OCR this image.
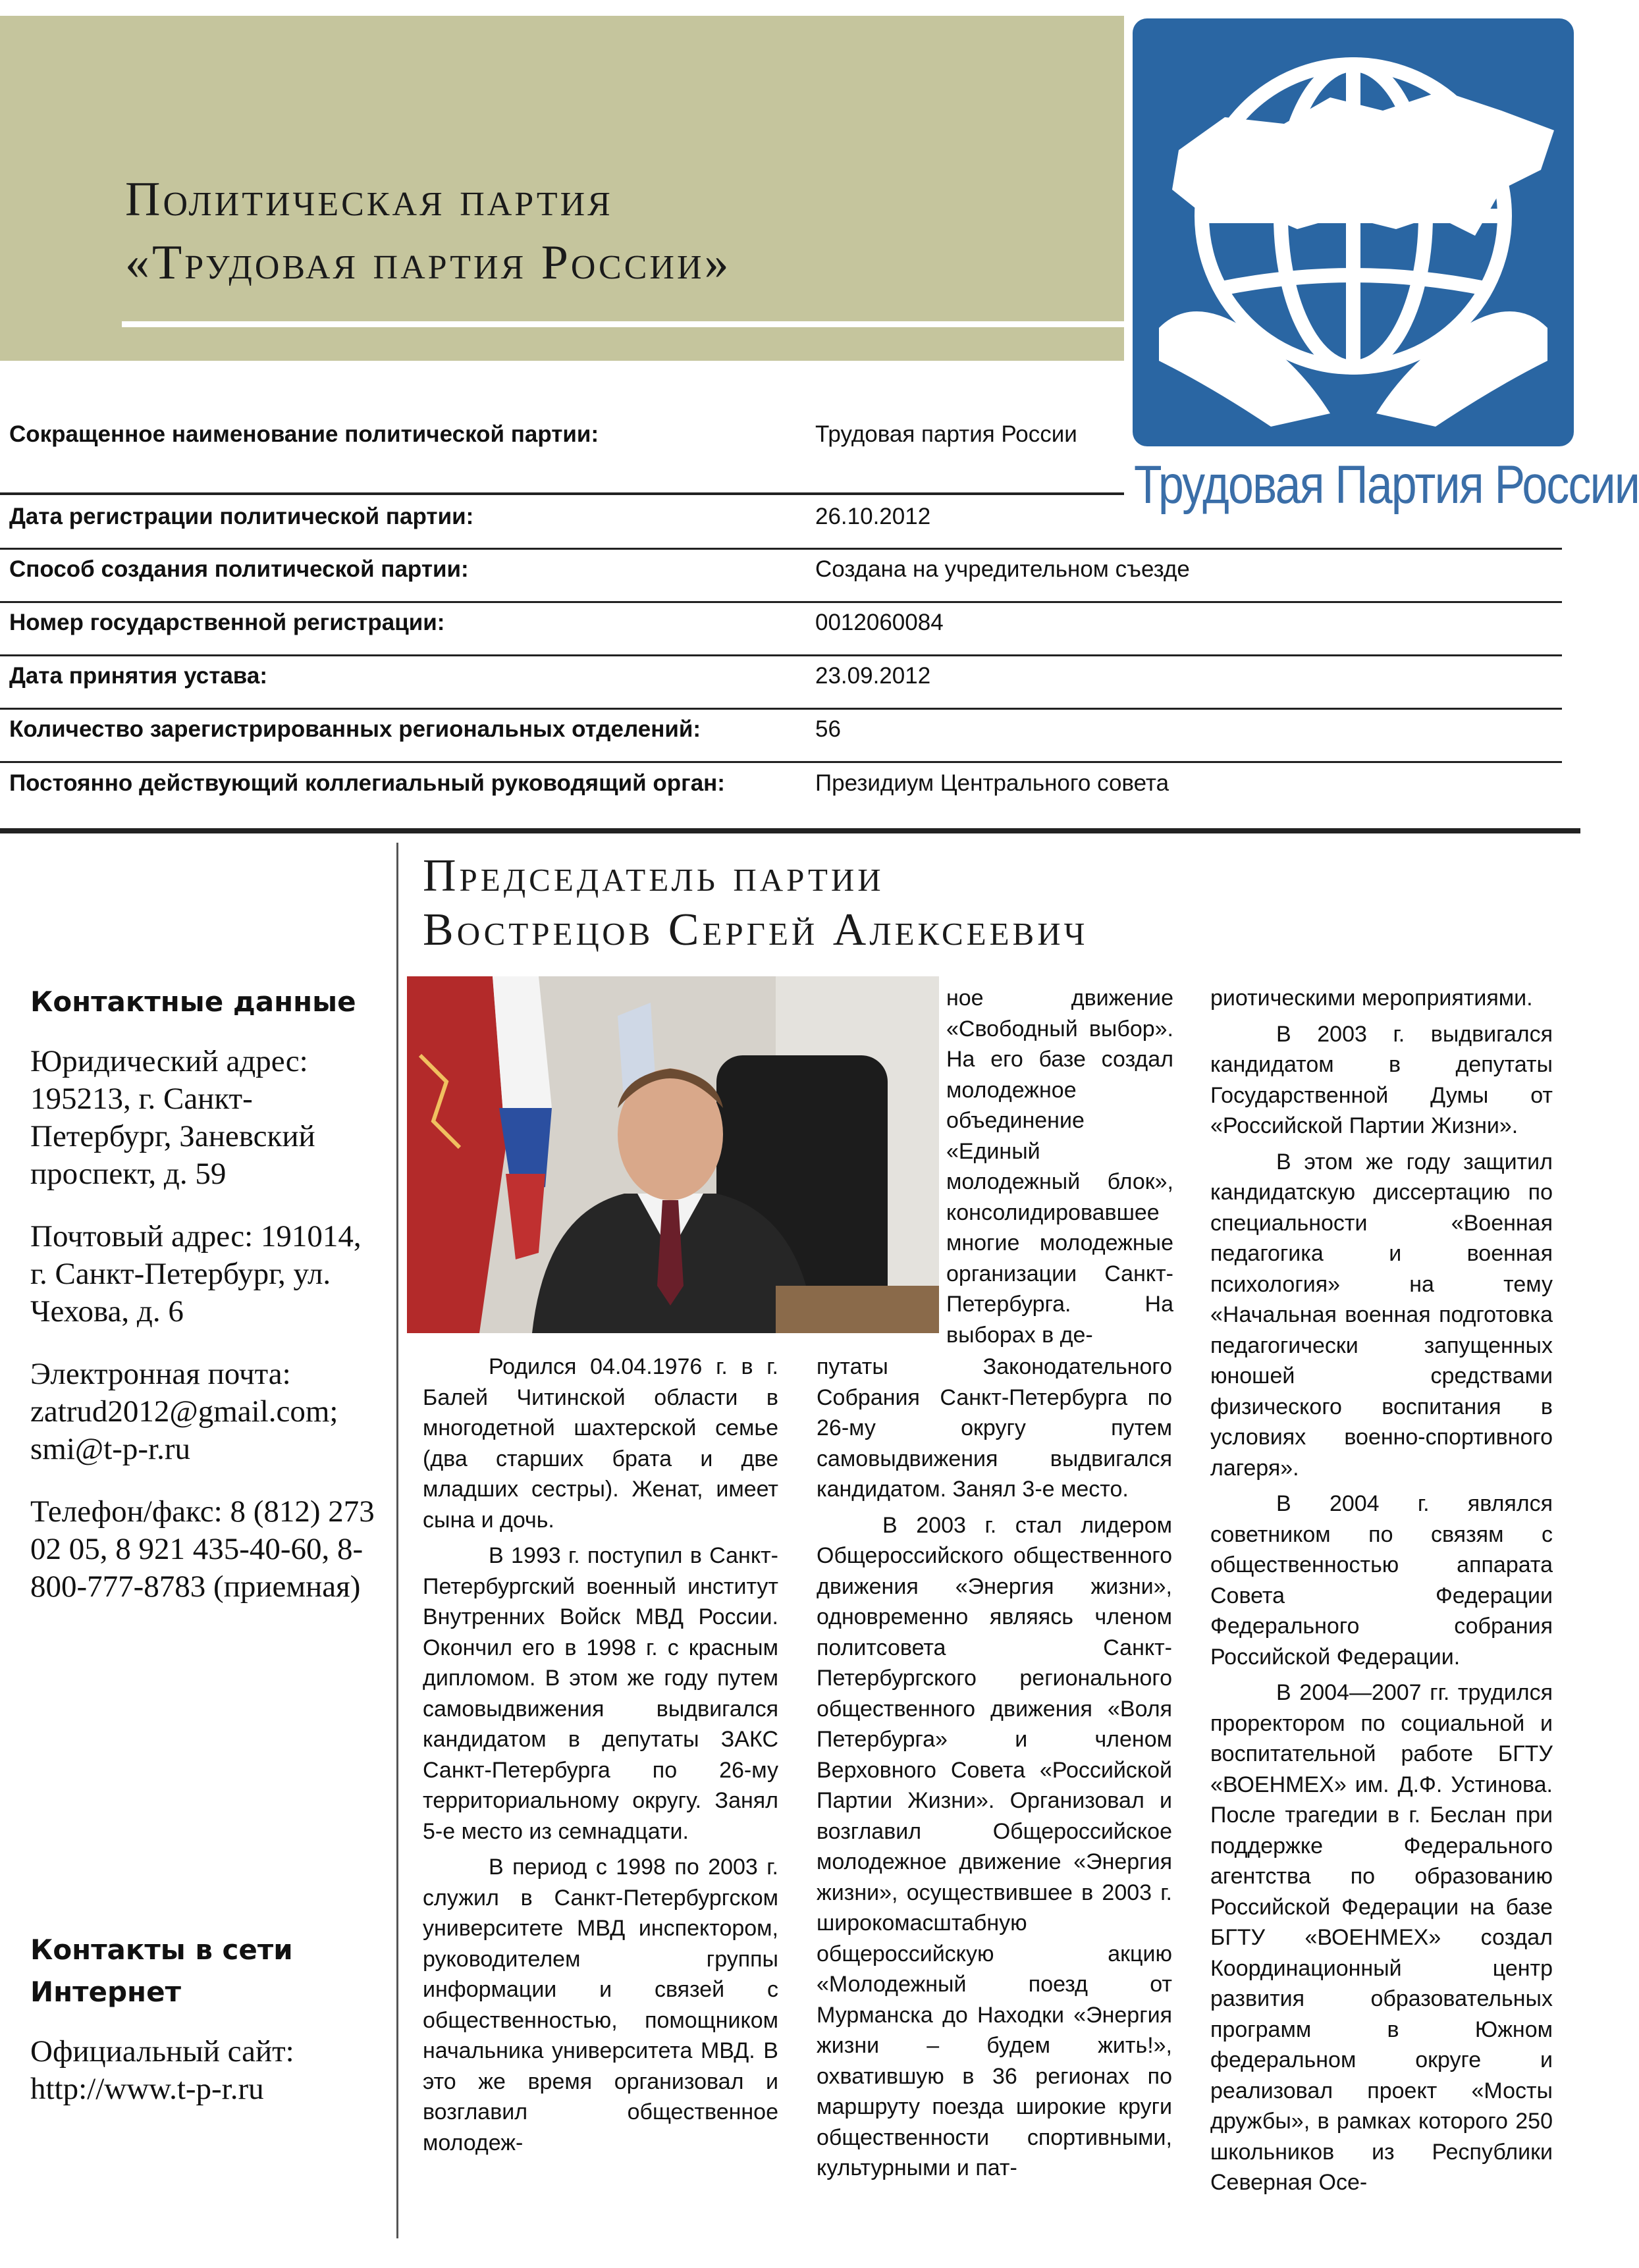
Политическая партия
«Трудовая партия России»
Трудовая Партия России
Сокращенное наименование политической партии:	Трудовая партия России
Дата регистрации политической партии:	26.10.2012
Способ создания политической партии:	Создана на учредительном съезде
Номер государственной регистрации:	0012060084
Дата принятия устава:	23.09.2012
Количество зарегистрированных региональных отделений:	56
Постоянно действующий коллегиальный руководящий орган:	Президиум Центрального совета

Контактные данные

Юридический адрес: 195213, г. Санкт-Петербург, Заневский проспект, д. 59

Почтовый адрес: 191014, г. Санкт-Петербург, ул. Чехова, д. 6

Электронная почта: zatrud2012@gmail.com; smi@t-p-r.ru

Телефон/факс: 8 (812) 273 02 05, 8 921 435-40-60, 8-800-777-8783 (приемная)

Контакты в сети

Интернет

Официальный сайт: http://www.t-p-r.ru

Председатель партии
Вострецов Сергей Алексеевич

ное движение «Свободный выбор». На его базе создал молодежное объединение «Единый молодежный блок», консолидировавшее многие молодежные организации Санкт-Петербурга. На выборах в де-

Родился 04.04.1976 г. в г. Балей Читинской области в многодетной шахтерской семье (два старших брата и две младших сестры). Женат, имеет сына и дочь.

В 1993 г. поступил в Санкт-Петербургский военный институт Внутренних Войск МВД России. Окончил его в 1998 г. с красным дипломом. В этом же году путем самовыдвижения выдвигался кандидатом в депутаты ЗАКС Санкт-Петербурга по 26-му территориальному округу. Занял 5-е место из семнадцати.

В период с 1998 по 2003 г. служил в Санкт-Петербургском университете МВД инспектором, руководителем группы информации и связей с общественностью, помощником начальника университета МВД. В это же время организовал и возглавил общественное молодеж-

путаты Законодательного Собрания Санкт-Петербурга по 26-му округу путем самовыдвижения выдвигался кандидатом. Занял 3-е место.

В 2003 г. стал лидером Общероссийского общественного движения «Энергия жизни», одновременно являясь членом политсовета Санкт-Петербургского регионального общественного движения «Воля Петербурга» и членом Верховного Совета «Российской Партии Жизни». Организовал и возглавил Общероссийское молодежное движение «Энергия жизни», осуществившее в 2003 г. широкомасштабную общероссийскую акцию «Молодежный поезд от Мурманска до Находки «Энергия жизни – будем жить!», охватившую в 36 регионах по маршруту поезда широкие круги общественности спортивными, культурными и пат-

риотическими мероприятиями.

В 2003 г. выдвигался кандидатом в депутаты Государственной Думы от «Российской Партии Жизни».

В этом же году защитил кандидатскую диссертацию по специальности «Военная педагогика и военная психология» на тему «Начальная военная подготовка педагогически запущенных юношей средствами физического воспитания в условиях военно-спортивного лагеря».

В 2004 г. являлся советником по связям с общественностью аппарата Совета Федерации Федерального собрания Российской Федерации.

В 2004—2007 гг. трудился проректором по социальной и воспитательной работе БГТУ «ВОЕНМЕХ» им. Д.Ф. Устинова. После трагедии в г. Беслан при поддержке Федерального агентства по образованию Российской Федерации на базе БГТУ «ВОЕНМЕХ» создал Координационный центр развития образовательных программ в Южном федеральном округе и реализовал проект «Мосты дружбы», в рамках которого 250 школьников из Республики Северная Осе-
